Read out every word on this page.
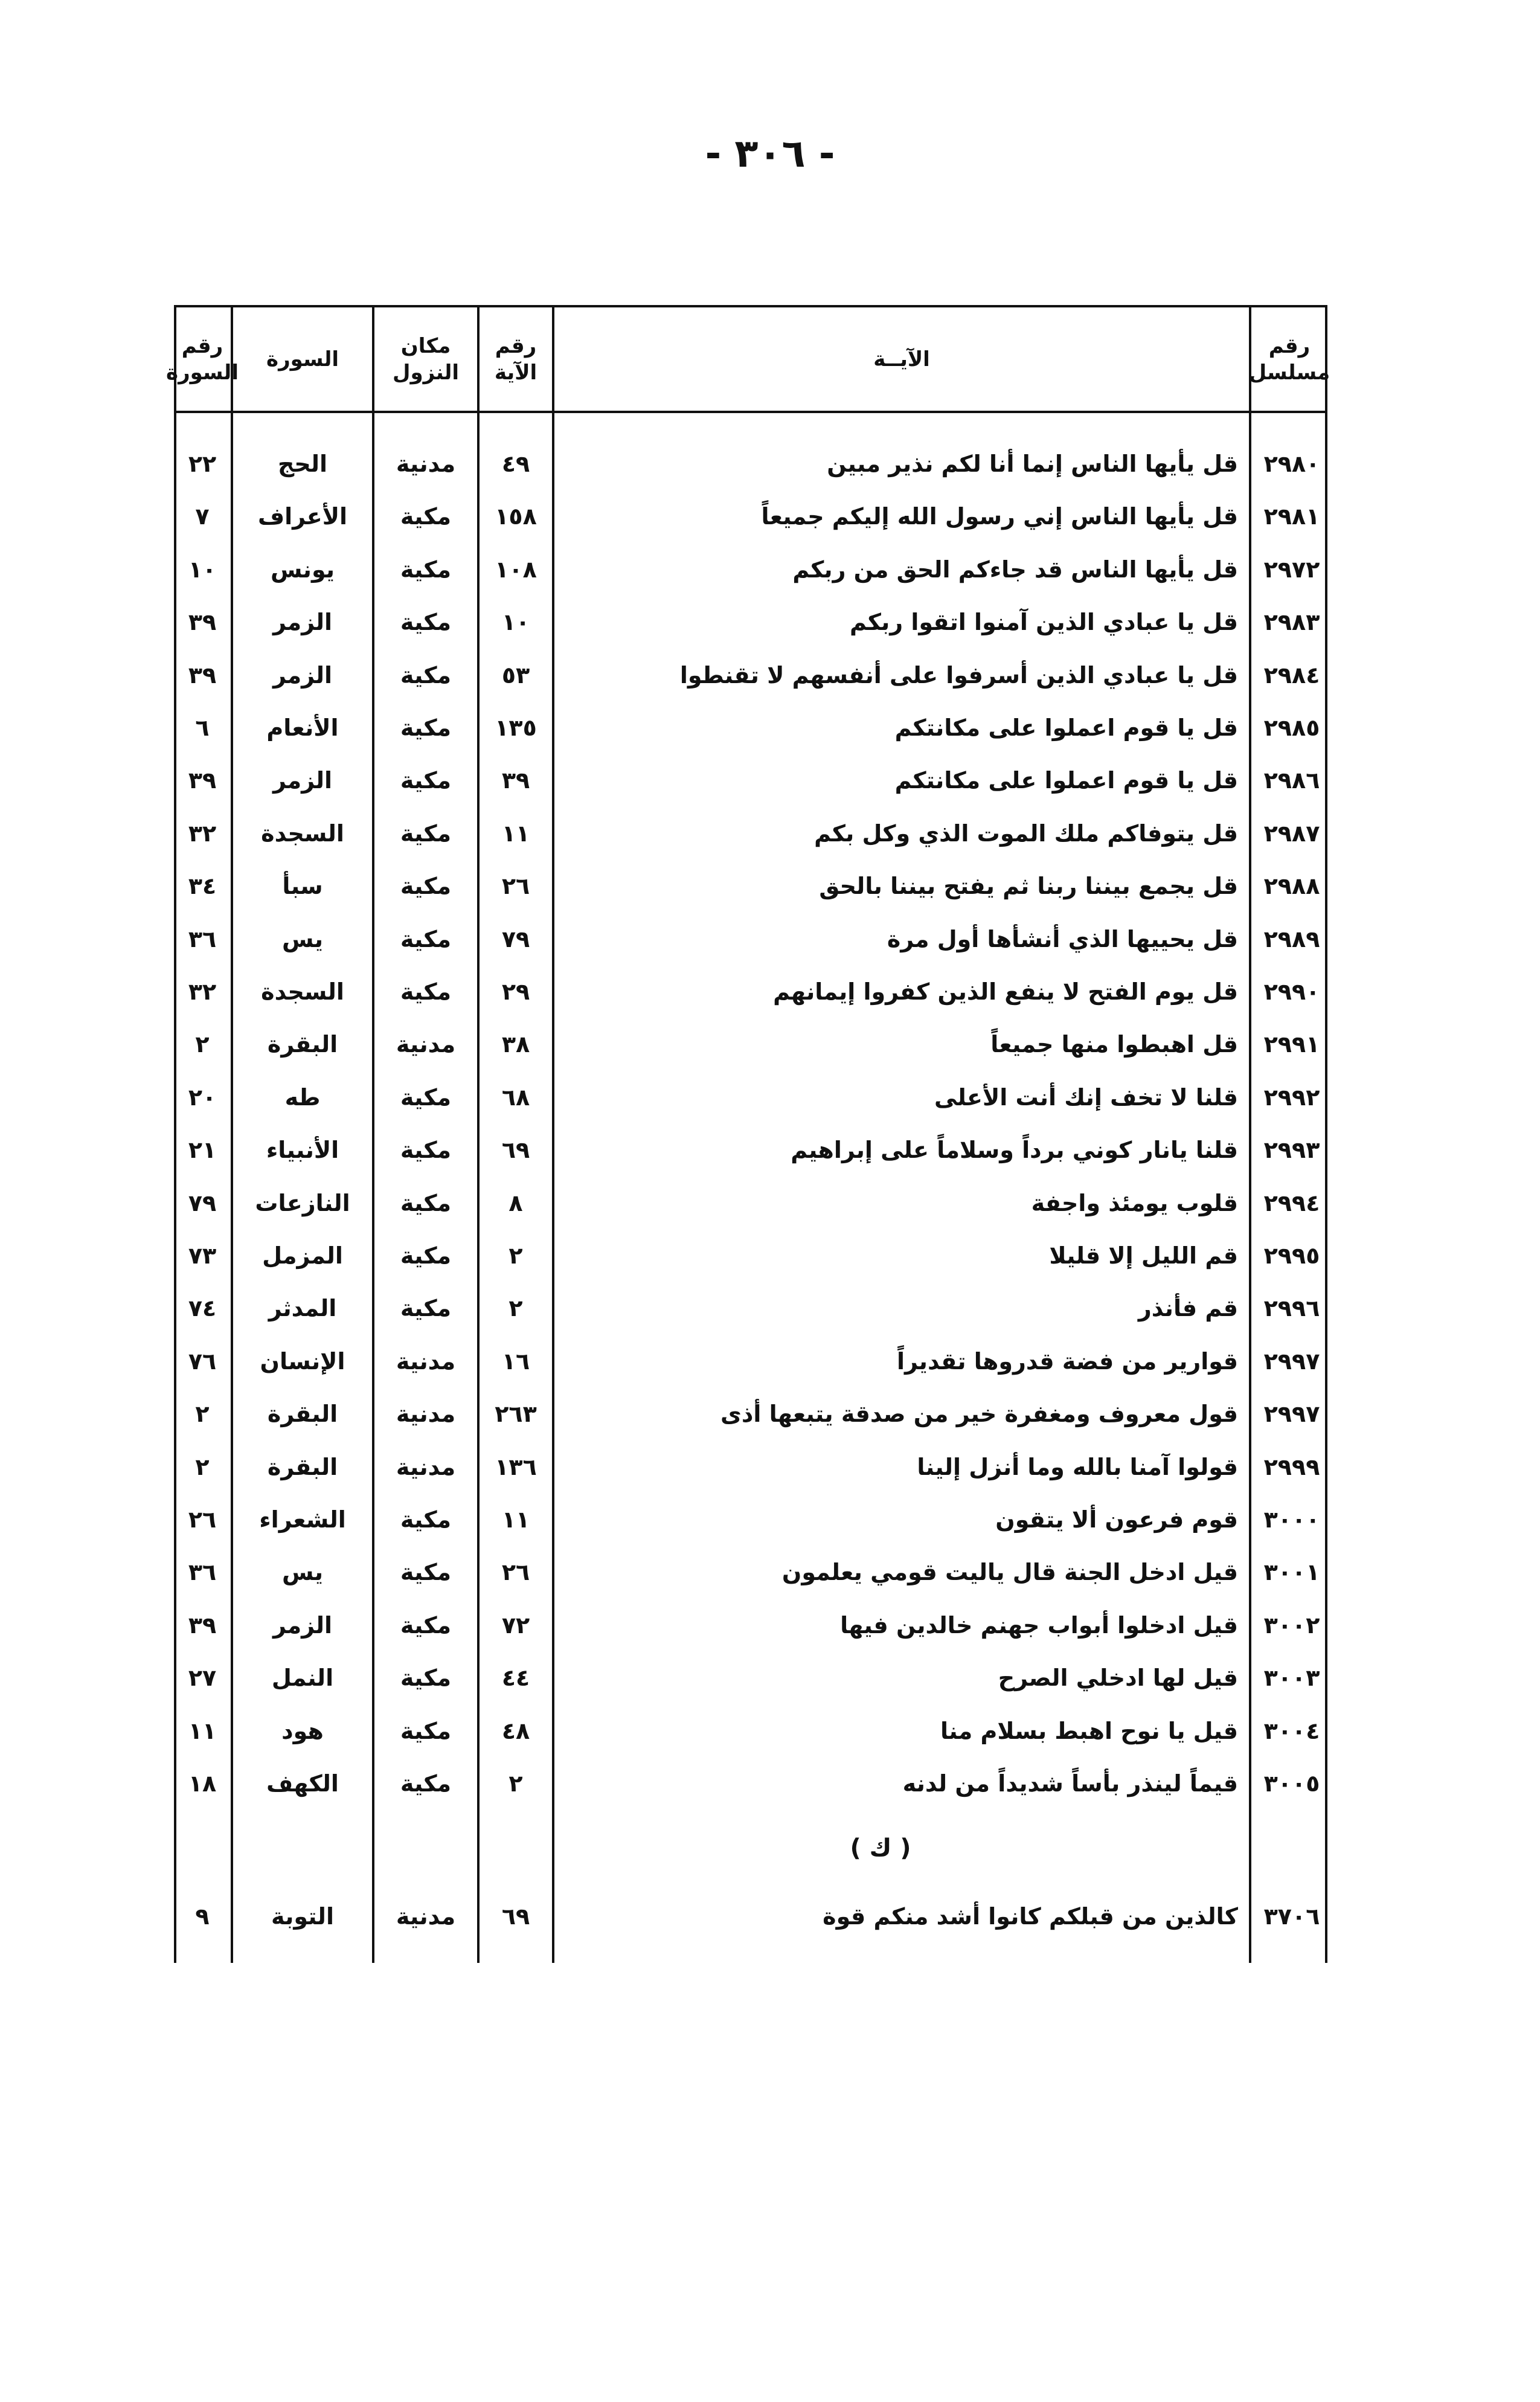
- ٣٠٦ -
رقم مسلسل
الآيــة
رقم الآية
مكان النزول
السورة
رقم السورة
٢٩٨٠
قل يأيها الناس إنما أنا لكم نذير مبين
٤٩
مدنية
الحج
٢٢
٢٩٨١
قل يأيها الناس إني رسول الله إليكم جميعاً
١٥٨
مكية
الأعراف
٧
٢٩٧٢
قل يأيها الناس قد جاءكم الحق من ربكم
١٠٨
مكية
يونس
١٠
٢٩٨٣
قل يا عبادي الذين آمنوا اتقوا ربكم
١٠
مكية
الزمر
٣٩
٢٩٨٤
قل يا عبادي الذين أسرفوا على أنفسهم لا تقنطوا
٥٣
مكية
الزمر
٣٩
٢٩٨٥
قل يا قوم اعملوا على مكانتكم
١٣٥
مكية
الأنعام
٦
٢٩٨٦
قل يا قوم اعملوا على مكانتكم
٣٩
مكية
الزمر
٣٩
٢٩٨٧
قل يتوفاكم ملك الموت الذي وكل بكم
١١
مكية
السجدة
٣٢
٢٩٨٨
قل يجمع بيننا ربنا ثم يفتح بيننا بالحق
٢٦
مكية
سبأ
٣٤
٢٩٨٩
قل يحييها الذي أنشأها أول مرة
٧٩
مكية
يس
٣٦
٢٩٩٠
قل يوم الفتح لا ينفع الذين كفروا إيمانهم
٢٩
مكية
السجدة
٣٢
٢٩٩١
قل اهبطوا منها جميعاً
٣٨
مدنية
البقرة
٢
٢٩٩٢
قلنا لا تخف إنك أنت الأعلى
٦٨
مكية
طه
٢٠
٢٩٩٣
قلنا يانار كوني برداً وسلاماً على إبراهيم
٦٩
مكية
الأنبياء
٢١
٢٩٩٤
قلوب يومئذ واجفة
٨
مكية
النازعات
٧٩
٢٩٩٥
قم الليل إلا قليلا
٢
مكية
المزمل
٧٣
٢٩٩٦
قم فأنذر
٢
مكية
المدثر
٧٤
٢٩٩٧
قوارير من فضة قدروها تقديراً
١٦
مدنية
الإنسان
٧٦
٢٩٩٧
قول معروف ومغفرة خير من صدقة يتبعها أذى
٢٦٣
مدنية
البقرة
٢
٢٩٩٩
قولوا آمنا بالله وما أنزل إلينا
١٣٦
مدنية
البقرة
٢
٣٠٠٠
قوم فرعون ألا يتقون
١١
مكية
الشعراء
٢٦
٣٠٠١
قيل ادخل الجنة قال ياليت قومي يعلمون
٢٦
مكية
يس
٣٦
٣٠٠٢
قيل ادخلوا أبواب جهنم خالدين فيها
٧٢
مكية
الزمر
٣٩
٣٠٠٣
قيل لها ادخلي الصرح
٤٤
مكية
النمل
٢٧
٣٠٠٤
قيل يا نوح اهبط بسلام منا
٤٨
مكية
هود
١١
٣٠٠٥
قيماً لينذر بأساً شديداً من لدنه
٢
مكية
الكهف
١٨
٣٧٠٦
كالذين من قبلكم كانوا أشد منكم قوة
٦٩
مدنية
التوبة
٩
( ك )
